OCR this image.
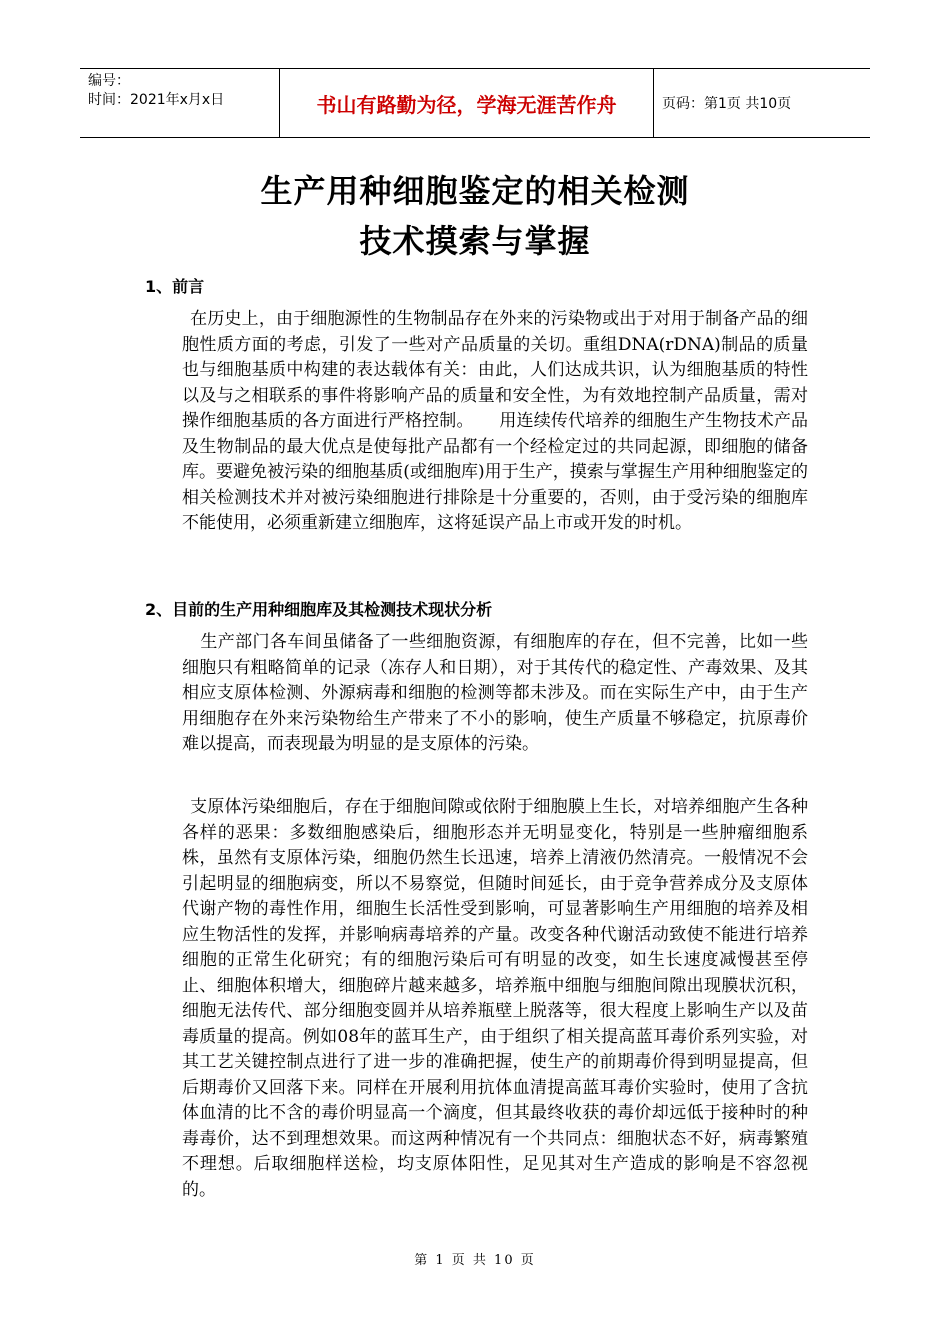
编号：
时间：2021年x月x日	书山有路勤为径，学海无涯苦作舟	页码：第1页 共10页
生产用种细胞鉴定的相关检测
技术摸索与掌握
1、前言
在历史上，由于细胞源性的生物制品存在外来的污染物或出于对用于制备产品的细胞性质方面的考虑，引发了一些对产品质量的关切。重组DNA(rDNA)制品的质量也与细胞基质中构建的表达载体有关：由此，人们达成共识，认为细胞基质的特性以及与之相联系的事件将影响产品的质量和安全性，为有效地控制产品质量，需对操作细胞基质的各方面进行严格控制。　　用连续传代培养的细胞生产生物技术产品及生物制品的最大优点是使每批产品都有一个经检定过的共同起源，即细胞的储备库。要避免被污染的细胞基质(或细胞库)用于生产，摸索与掌握生产用种细胞鉴定的相关检测技术并对被污染细胞进行排除是十分重要的，否则，由于受污染的细胞库不能使用，必须重新建立细胞库，这将延误产品上市或开发的时机。
2、目前的生产用种细胞库及其检测技术现状分析
生产部门各车间虽储备了一些细胞资源，有细胞库的存在，但不完善，比如一些细胞只有粗略简单的记录（冻存人和日期），对于其传代的稳定性、产毒效果、及其相应支原体检测、外源病毒和细胞的检测等都未涉及。而在实际生产中，由于生产用细胞存在外来污染物给生产带来了不小的影响，使生产质量不够稳定，抗原毒价难以提高，而表现最为明显的是支原体的污染。
支原体污染细胞后，存在于细胞间隙或依附于细胞膜上生长，对培养细胞产生各种各样的恶果：多数细胞感染后，细胞形态并无明显变化，特别是一些肿瘤细胞系株，虽然有支原体污染，细胞仍然生长迅速，培养上清液仍然清亮。一般情况不会引起明显的细胞病变，所以不易察觉，但随时间延长，由于竞争营养成分及支原体代谢产物的毒性作用，细胞生长活性受到影响，可显著影响生产用细胞的培养及相应生物活性的发挥，并影响病毒培养的产量。改变各种代谢活动致使不能进行培养细胞的正常生化研究；有的细胞污染后可有明显的改变，如生长速度减慢甚至停止、细胞体积增大，细胞碎片越来越多，培养瓶中细胞与细胞间隙出现膜状沉积，细胞无法传代、部分细胞变圆并从培养瓶壁上脱落等，很大程度上影响生产以及苗毒质量的提高。例如08年的蓝耳生产，由于组织了相关提高蓝耳毒价系列实验，对其工艺关键控制点进行了进一步的准确把握，使生产的前期毒价得到明显提高，但后期毒价又回落下来。同样在开展利用抗体血清提高蓝耳毒价实验时，使用了含抗体血清的比不含的毒价明显高一个滴度，但其最终收获的毒价却远低于接种时的种毒毒价，达不到理想效果。而这两种情况有一个共同点：细胞状态不好，病毒繁殖不理想。后取细胞样送检，均支原体阳性，足见其对生产造成的影响是不容忽视的。
第 1 页 共 10 页
